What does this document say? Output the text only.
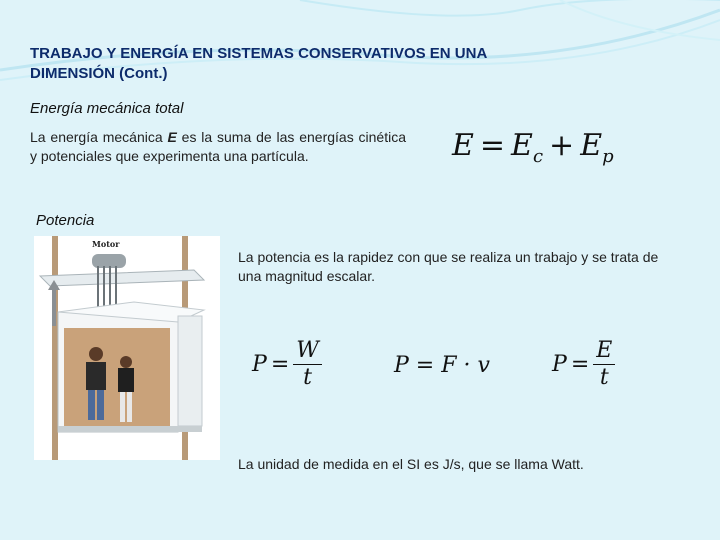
TRABAJO Y ENERGÍA EN SISTEMAS CONSERVATIVOS EN UNA
DIMENSIÓN (Cont.)
Energía mecánica total
La energía mecánica E es la suma de las energías cinética y potenciales que experimenta una partícula.	$E = E_c + E_p$
Potencia
Motor
La potencia es la rapidez con que se realiza un trabajo y se trata de una magnitud escalar.
$P = \frac{W}{t}$	P = F · v	$P = \frac{E}{t}$
La unidad de medida en el SI es J/s, que se llama Watt.
